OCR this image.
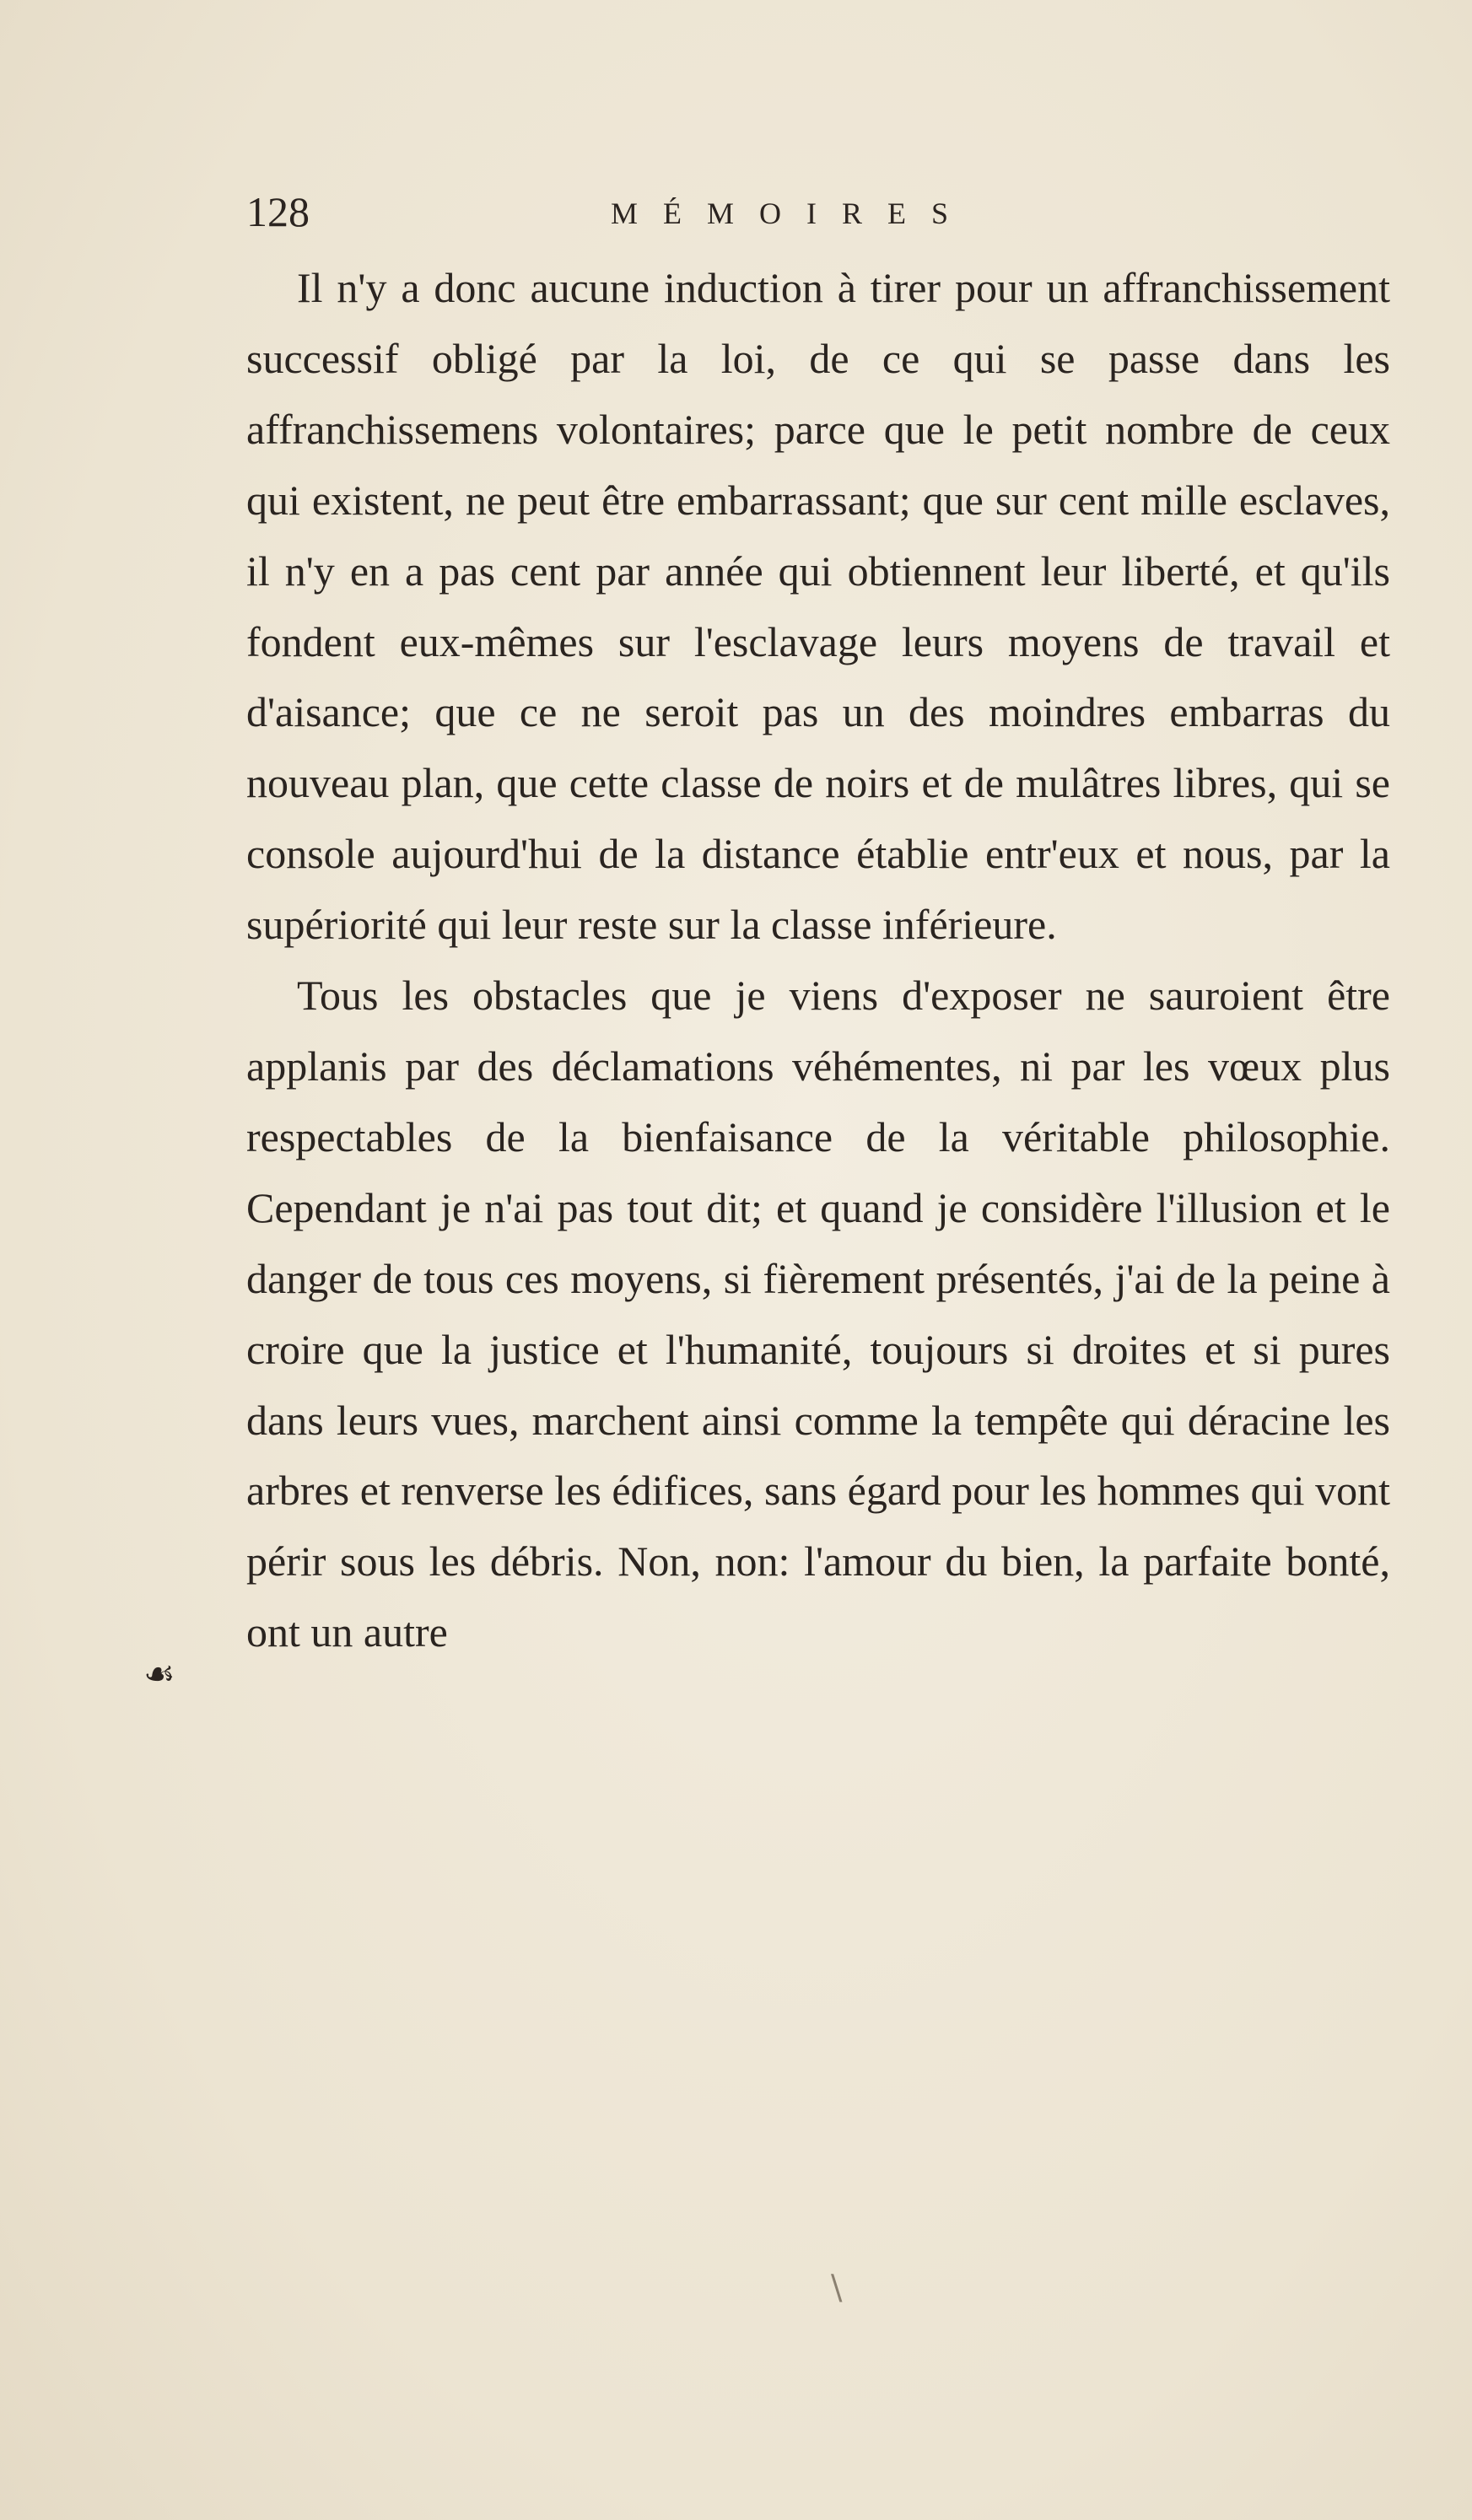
128	MÉMOIRES

Il n'y a donc aucune induction à tirer pour un affranchissement successif obligé par la loi, de ce qui se passe dans les affranchissemens volontaires; parce que le petit nombre de ceux qui existent, ne peut être embarrassant; que sur cent mille esclaves, il n'y en a pas cent par année qui obtiennent leur liberté, et qu'ils fondent eux-mêmes sur l'esclavage leurs moyens de travail et d'aisance; que ce ne seroit pas un des moindres embarras du nouveau plan, que cette classe de noirs et de mulâtres libres, qui se console aujourd'hui de la distance établie entr'eux et nous, par la supériorité qui leur reste sur la classe inférieure.

Tous les obstacles que je viens d'exposer ne sauroient être applanis par des déclamations véhémentes, ni par les vœux plus respectables de la bienfaisance de la véritable philosophie. Cependant je n'ai pas tout dit; et quand je considère l'illusion et le danger de tous ces moyens, si fièrement présentés, j'ai de la peine à croire que la justice et l'humanité, toujours si droites et si pures dans leurs vues, marchent ainsi comme la tempête qui déracine les arbres et renverse les édifices, sans égard pour les hommes qui vont périr sous les débris. Non, non: l'amour du bien, la parfaite bonté, ont un autre

☙
\
